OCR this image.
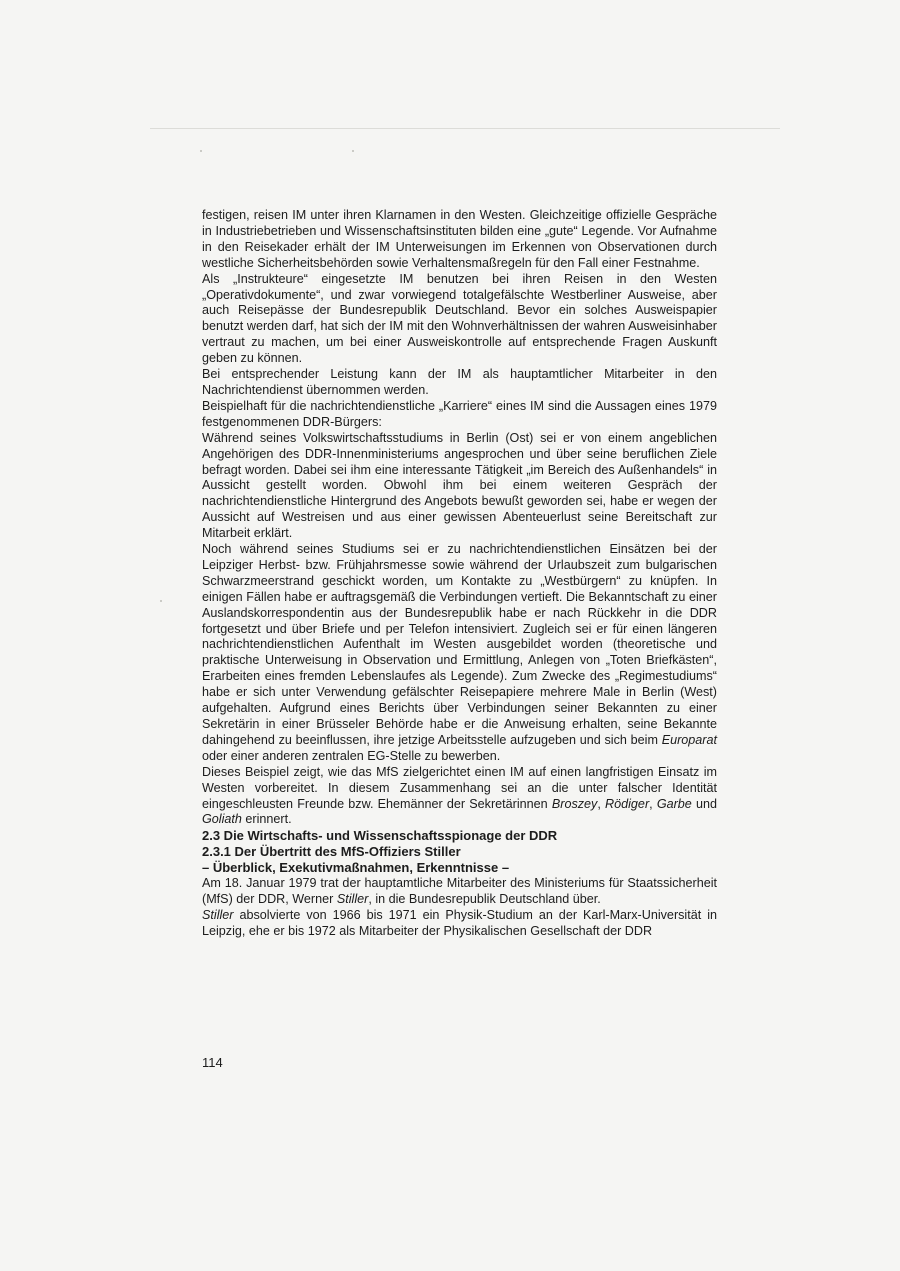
festigen, reisen IM unter ihren Klarnamen in den Westen. Gleichzeitige offizielle Gespräche in Industriebetrieben und Wissenschaftsinstituten bilden eine „gute“ Legende. Vor Aufnahme in den Reisekader erhält der IM Unterweisungen im Erkennen von Observationen durch westliche Sicherheitsbehörden sowie Verhaltensmaßregeln für den Fall einer Festnahme.

Als „Instrukteure“ eingesetzte IM benutzen bei ihren Reisen in den Westen „Operativdokumente“, und zwar vorwiegend totalgefälschte Westberliner Ausweise, aber auch Reisepässe der Bundesrepublik Deutschland. Bevor ein solches Ausweispapier benutzt werden darf, hat sich der IM mit den Wohnverhältnissen der wahren Ausweisinhaber vertraut zu machen, um bei einer Ausweiskontrolle auf entsprechende Fragen Auskunft geben zu können.

Bei entsprechender Leistung kann der IM als hauptamtlicher Mitarbeiter in den Nachrichtendienst übernommen werden.

Beispielhaft für die nachrichtendienstliche „Karriere“ eines IM sind die Aussagen eines 1979 festgenommenen DDR-Bürgers:

Während seines Volkswirtschaftsstudiums in Berlin (Ost) sei er von einem angeblichen Angehörigen des DDR-Innenministeriums angesprochen und über seine beruflichen Ziele befragt worden. Dabei sei ihm eine interessante Tätigkeit „im Bereich des Außenhandels“ in Aussicht gestellt worden. Obwohl ihm bei einem weiteren Gespräch der nachrichtendienstliche Hintergrund des Angebots bewußt geworden sei, habe er wegen der Aussicht auf Westreisen und aus einer gewissen Abenteuerlust seine Bereitschaft zur Mitarbeit erklärt.

Noch während seines Studiums sei er zu nachrichtendienstlichen Einsätzen bei der Leipziger Herbst- bzw. Frühjahrsmesse sowie während der Urlaubszeit zum bulgarischen Schwarzmeerstrand geschickt worden, um Kontakte zu „Westbürgern“ zu knüpfen. In einigen Fällen habe er auftragsgemäß die Verbindungen vertieft. Die Bekanntschaft zu einer Auslandskorrespondentin aus der Bundesrepublik habe er nach Rückkehr in die DDR fortgesetzt und über Briefe und per Telefon intensiviert. Zugleich sei er für einen längeren nachrichtendienstlichen Aufenthalt im Westen ausgebildet worden (theoretische und praktische Unterweisung in Observation und Ermittlung, Anlegen von „Toten Briefkästen“, Erarbeiten eines fremden Lebenslaufes als Legende). Zum Zwecke des „Regimestudiums“ habe er sich unter Verwendung gefälschter Reisepapiere mehrere Male in Berlin (West) aufgehalten. Aufgrund eines Berichts über Verbindungen seiner Bekannten zu einer Sekretärin in einer Brüsseler Behörde habe er die Anweisung erhalten, seine Bekannte dahingehend zu beeinflussen, ihre jetzige Arbeitsstelle aufzugeben und sich beim Europarat oder einer anderen zentralen EG-Stelle zu bewerben.

Dieses Beispiel zeigt, wie das MfS zielgerichtet einen IM auf einen langfristigen Einsatz im Westen vorbereitet. In diesem Zusammenhang sei an die unter falscher Identität eingeschleusten Freunde bzw. Ehemänner der Sekretärinnen Broszey, Rödiger, Garbe und Goliath erinnert.

2.3 Die Wirtschafts- und Wissenschaftsspionage der DDR

2.3.1 Der Übertritt des MfS-Offiziers Stiller

– Überblick, Exekutivmaßnahmen, Erkenntnisse –

Am 18. Januar 1979 trat der hauptamtliche Mitarbeiter des Ministeriums für Staatssicherheit (MfS) der DDR, Werner Stiller, in die Bundesrepublik Deutschland über.

Stiller absolvierte von 1966 bis 1971 ein Physik-Studium an der Karl-Marx-Universität in Leipzig, ehe er bis 1972 als Mitarbeiter der Physikalischen Gesellschaft der DDR

114
